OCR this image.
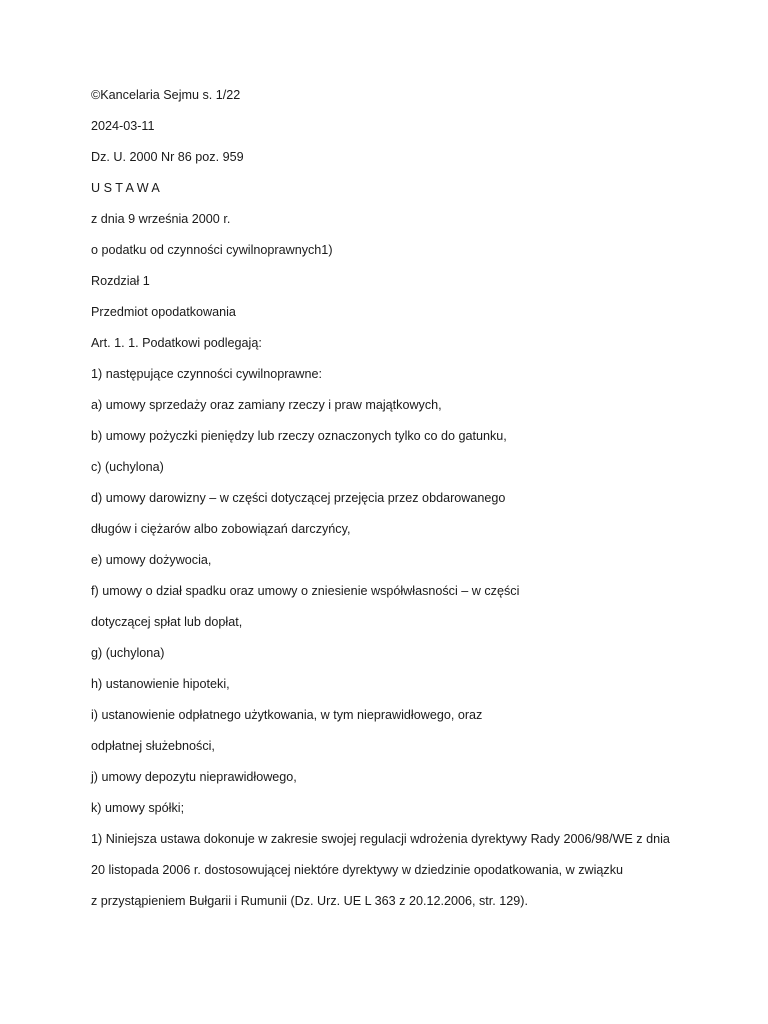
©Kancelaria Sejmu s. 1/22
2024-03-11
Dz. U. 2000 Nr 86 poz. 959
U S T A W A
z dnia 9 września 2000 r.
o podatku od czynności cywilnoprawnych1)
Rozdział 1
Przedmiot opodatkowania
Art. 1. 1. Podatkowi podlegają:
1) następujące czynności cywilnoprawne:
a) umowy sprzedaży oraz zamiany rzeczy i praw majątkowych,
b) umowy pożyczki pieniędzy lub rzeczy oznaczonych tylko co do gatunku,
c) (uchylona)
d) umowy darowizny – w części dotyczącej przejęcia przez obdarowanego
długów i ciężarów albo zobowiązań darczyńcy,
e) umowy dożywocia,
f) umowy o dział spadku oraz umowy o zniesienie współwłasności – w części
dotyczącej spłat lub dopłat,
g) (uchylona)
h) ustanowienie hipoteki,
i) ustanowienie odpłatnego użytkowania, w tym nieprawidłowego, oraz
odpłatnej służebności,
j) umowy depozytu nieprawidłowego,
k) umowy spółki;
1) Niniejsza ustawa dokonuje w zakresie swojej regulacji wdrożenia dyrektywy Rady 2006/98/WE z dnia
20 listopada 2006 r. dostosowującej niektóre dyrektywy w dziedzinie opodatkowania, w związku
z przystąpieniem Bułgarii i Rumunii (Dz. Urz. UE L 363 z 20.12.2006, str. 129).
